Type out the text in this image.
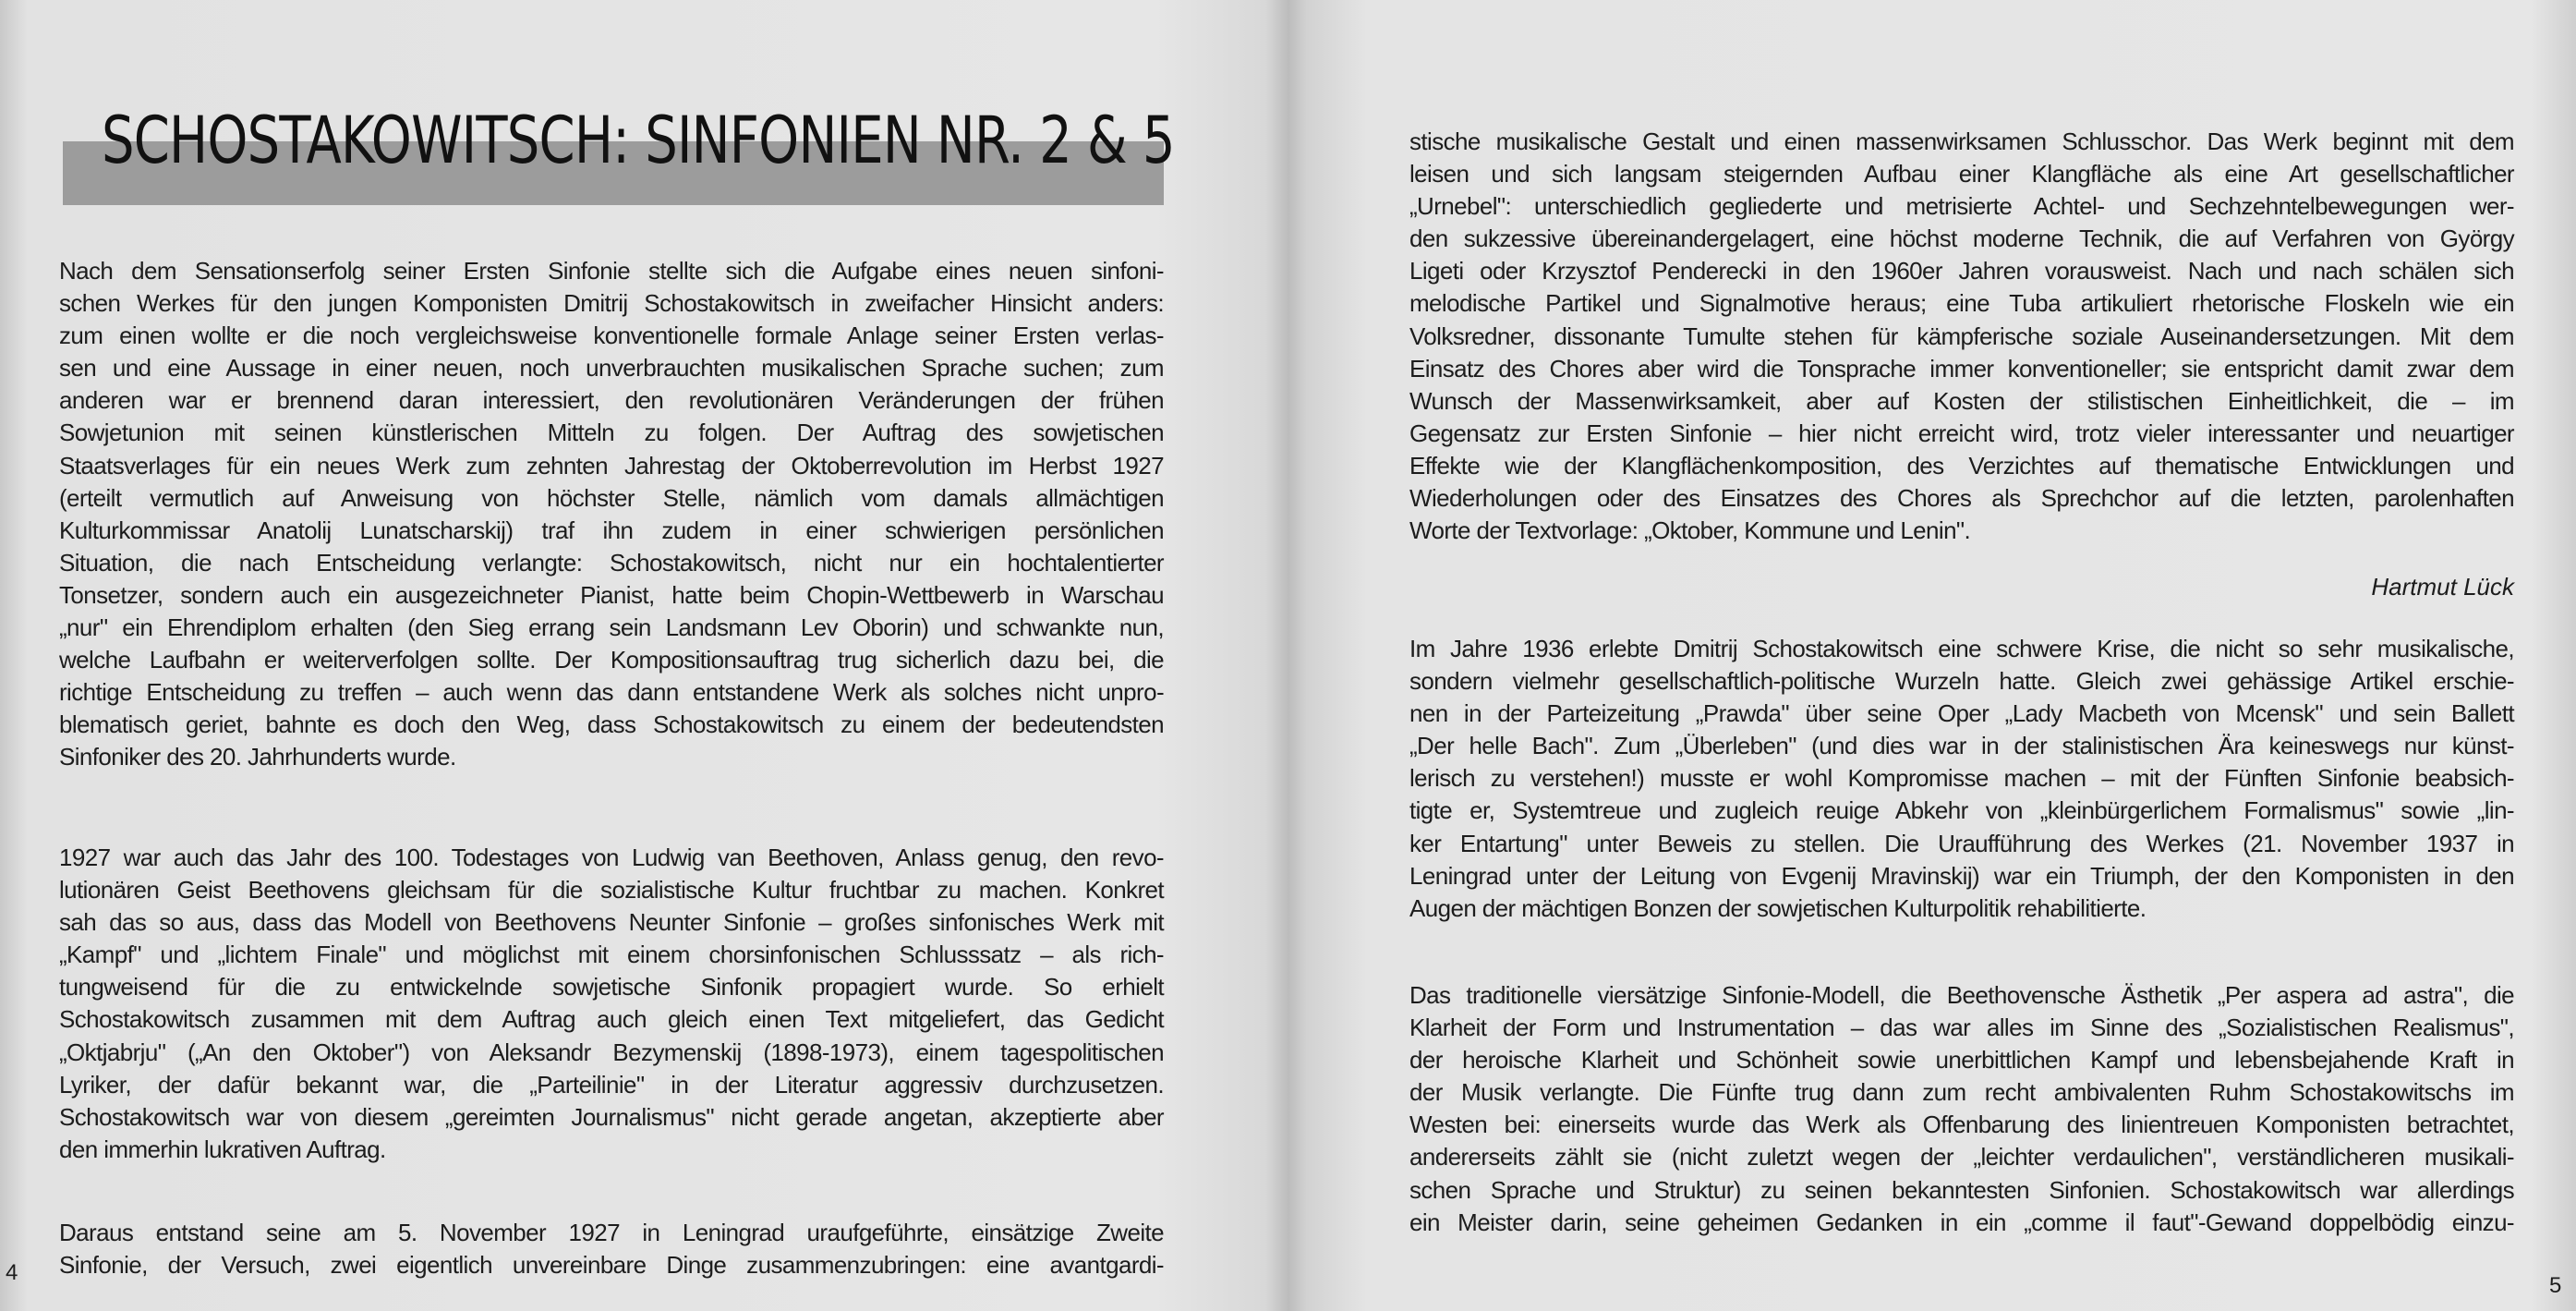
SCHOSTAKOWITSCH: SINFONIEN NR. 2 & 5
Nach dem Sensationserfolg seiner Ersten Sinfonie stellte sich die Aufgabe eines neuen sinfoni-
schen Werkes für den jungen Komponisten Dmitrij Schostakowitsch in zweifacher Hinsicht anders:
zum einen wollte er die noch vergleichsweise konventionelle formale Anlage seiner Ersten verlas-
sen und eine Aussage in einer neuen, noch unverbrauchten musikalischen Sprache suchen; zum
anderen war er brennend daran interessiert, den revolutionären Veränderungen der frühen
Sowjetunion mit seinen künstlerischen Mitteln zu folgen. Der Auftrag des sowjetischen
Staatsverlages für ein neues Werk zum zehnten Jahrestag der Oktoberrevolution im Herbst 1927
(erteilt vermutlich auf Anweisung von höchster Stelle, nämlich vom damals allmächtigen
Kulturkommissar Anatolij Lunatscharskij) traf ihn zudem in einer schwierigen persönlichen
Situation, die nach Entscheidung verlangte: Schostakowitsch, nicht nur ein hochtalentierter
Tonsetzer, sondern auch ein ausgezeichneter Pianist, hatte beim Chopin-Wettbewerb in Warschau
„nur" ein Ehrendiplom erhalten (den Sieg errang sein Landsmann Lev Oborin) und schwankte nun,
welche Laufbahn er weiterverfolgen sollte. Der Kompositionsauftrag trug sicherlich dazu bei, die
richtige Entscheidung zu treffen – auch wenn das dann entstandene Werk als solches nicht unpro-
blematisch geriet, bahnte es doch den Weg, dass Schostakowitsch zu einem der bedeutendsten
Sinfoniker des 20. Jahrhunderts wurde.
1927 war auch das Jahr des 100. Todestages von Ludwig van Beethoven, Anlass genug, den revo-
lutionären Geist Beethovens gleichsam für die sozialistische Kultur fruchtbar zu machen. Konkret
sah das so aus, dass das Modell von Beethovens Neunter Sinfonie – großes sinfonisches Werk mit
„Kampf" und „lichtem Finale" und möglichst mit einem chorsinfonischen Schlusssatz – als rich-
tungweisend für die zu entwickelnde sowjetische Sinfonik propagiert wurde. So erhielt
Schostakowitsch zusammen mit dem Auftrag auch gleich einen Text mitgeliefert, das Gedicht
„Oktjabrju" („An den Oktober") von Aleksandr Bezymenskij (1898-1973), einem tagespolitischen
Lyriker, der dafür bekannt war, die „Parteilinie" in der Literatur aggressiv durchzusetzen.
Schostakowitsch war von diesem „gereimten Journalismus" nicht gerade angetan, akzeptierte aber
den immerhin lukrativen Auftrag.
Daraus entstand seine am 5. November 1927 in Leningrad uraufgeführte, einsätzige Zweite
Sinfonie, der Versuch, zwei eigentlich unvereinbare Dinge zusammenzubringen: eine avantgardi-
Hartmut Lück
stische musikalische Gestalt und einen massenwirksamen Schlusschor. Das Werk beginnt mit dem
leisen und sich langsam steigernden Aufbau einer Klangfläche als eine Art gesellschaftlicher
„Urnebel": unterschiedlich gegliederte und metrisierte Achtel- und Sechzehntelbewegungen wer-
den sukzessive übereinandergelagert, eine höchst moderne Technik, die auf Verfahren von György
Ligeti oder Krzysztof Penderecki in den 1960er Jahren vorausweist. Nach und nach schälen sich
melodische Partikel und Signalmotive heraus; eine Tuba artikuliert rhetorische Floskeln wie ein
Volksredner, dissonante Tumulte stehen für kämpferische soziale Auseinandersetzungen. Mit dem
Einsatz des Chores aber wird die Tonsprache immer konventioneller; sie entspricht damit zwar dem
Wunsch der Massenwirksamkeit, aber auf Kosten der stilistischen Einheitlichkeit, die – im
Gegensatz zur Ersten Sinfonie – hier nicht erreicht wird, trotz vieler interessanter und neuartiger
Effekte wie der Klangflächenkomposition, des Verzichtes auf thematische Entwicklungen und
Wiederholungen oder des Einsatzes des Chores als Sprechchor auf die letzten, parolenhaften
Worte der Textvorlage: „Oktober, Kommune und Lenin".
Im Jahre 1936 erlebte Dmitrij Schostakowitsch eine schwere Krise, die nicht so sehr musikalische,
sondern vielmehr gesellschaftlich-politische Wurzeln hatte. Gleich zwei gehässige Artikel erschie-
nen in der Parteizeitung „Prawda" über seine Oper „Lady Macbeth von Mcensk" und sein Ballett
„Der helle Bach". Zum „Überleben" (und dies war in der stalinistischen Ära keineswegs nur künst-
lerisch zu verstehen!) musste er wohl Kompromisse machen – mit der Fünften Sinfonie beabsich-
tigte er, Systemtreue und zugleich reuige Abkehr von „kleinbürgerlichem Formalismus" sowie „lin-
ker Entartung" unter Beweis zu stellen. Die Uraufführung des Werkes (21. November 1937 in
Leningrad unter der Leitung von Evgenij Mravinskij) war ein Triumph, der den Komponisten in den
Augen der mächtigen Bonzen der sowjetischen Kulturpolitik rehabilitierte.
Das traditionelle viersätzige Sinfonie-Modell, die Beethovensche Ästhetik „Per aspera ad astra", die
Klarheit der Form und Instrumentation – das war alles im Sinne des „Sozialistischen Realismus",
der heroische Klarheit und Schönheit sowie unerbittlichen Kampf und lebensbejahende Kraft in
der Musik verlangte. Die Fünfte trug dann zum recht ambivalenten Ruhm Schostakowitschs im
Westen bei: einerseits wurde das Werk als Offenbarung des linientreuen Komponisten betrachtet,
andererseits zählt sie (nicht zuletzt wegen der „leichter verdaulichen", verständlicheren musikali-
schen Sprache und Struktur) zu seinen bekanntesten Sinfonien. Schostakowitsch war allerdings
ein Meister darin, seine geheimen Gedanken in ein „comme il faut"-Gewand doppelbödig einzu-
4
5
